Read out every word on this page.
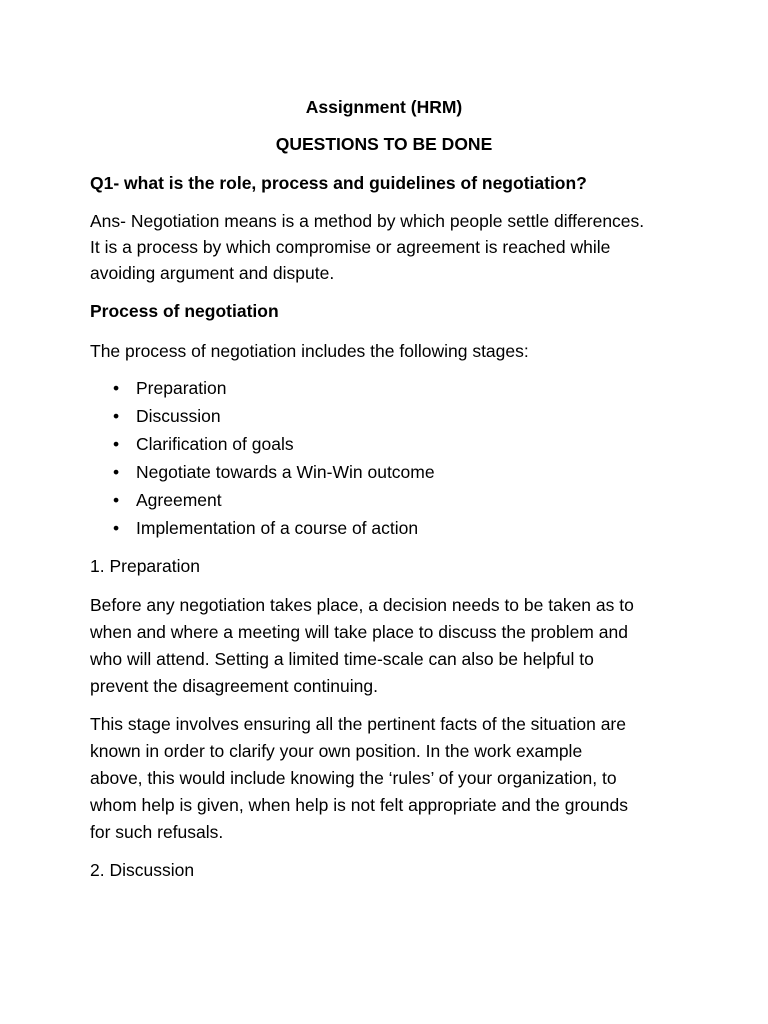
Assignment (HRM)
QUESTIONS TO BE DONE
Q1- what is the role, process and guidelines of negotiation?
Ans- Negotiation means is a method by which people settle differences.
It is a process by which compromise or agreement is reached while
avoiding argument and dispute.
Process of negotiation
The process of negotiation includes the following stages:
• Preparation
• Discussion
• Clarification of goals
• Negotiate towards a Win-Win outcome
• Agreement
• Implementation of a course of action
1. Preparation
Before any negotiation takes place, a decision needs to be taken as to
when and where a meeting will take place to discuss the problem and
who will attend. Setting a limited time-scale can also be helpful to
prevent the disagreement continuing.
This stage involves ensuring all the pertinent facts of the situation are
known in order to clarify your own position. In the work example
above, this would include knowing the ‘rules’ of your organization, to
whom help is given, when help is not felt appropriate and the grounds
for such refusals.
2. Discussion
